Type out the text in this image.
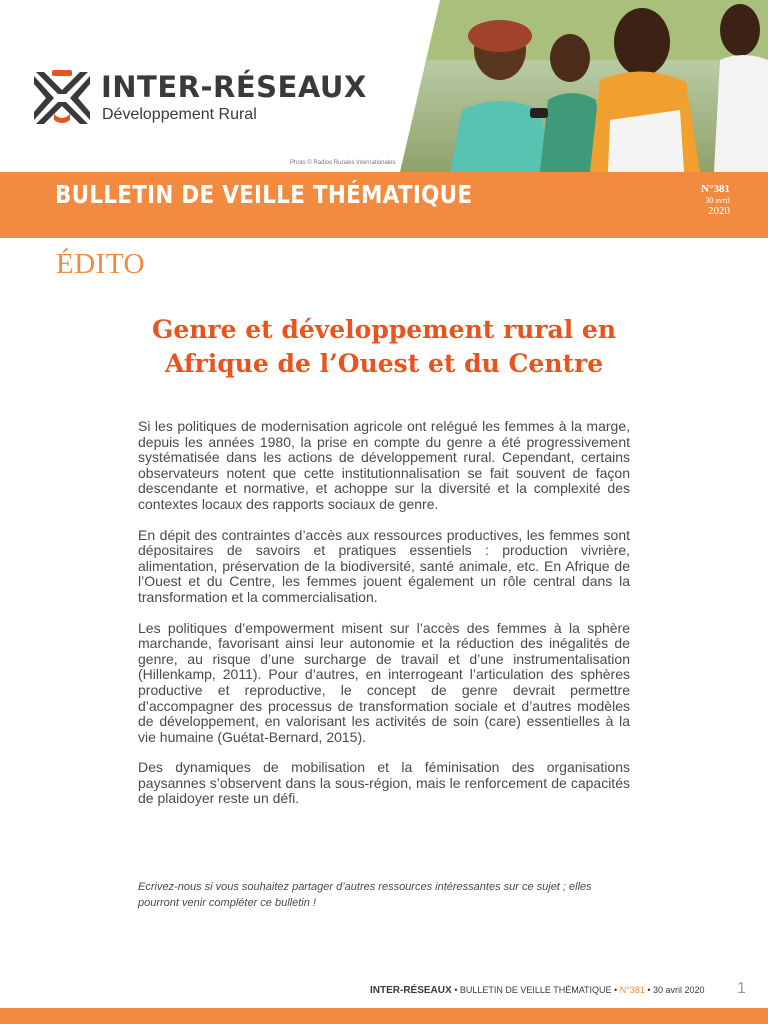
INTER-RÉSEAUX
Développement Rural
Photo © Radios Rurales Internationales
BULLETIN DE VEILLE THÉMATIQUE	N°381
30 avril
2020
ÉDITO
Genre et développement rural en
Afrique de l’Ouest et du Centre

Si les politiques de modernisation agricole ont relégué les femmes à la marge, depuis les années 1980, la prise en compte du genre a été progressivement systématisée dans les actions de développement rural. Cependant, certains observateurs notent que cette institutionnalisation se fait souvent de façon descendante et normative, et achoppe sur la diversité et la complexité des contextes locaux des rapports sociaux de genre.

En dépit des contraintes d’accès aux ressources productives, les femmes sont dépositaires de savoirs et pratiques essentiels : production vivrière, alimentation, préservation de la biodiversité, santé animale, etc. En Afrique de l’Ouest et du Centre, les femmes jouent également un rôle central dans la transformation et la commercialisation.

Les politiques d’empowerment misent sur l’accès des femmes à la sphère marchande, favorisant ainsi leur autonomie et la réduction des inégalités de genre, au risque d’une surcharge de travail et d’une instrumentalisation (Hillenkamp, 2011). Pour d’autres, en interrogeant l’articulation des sphères productive et reproductive, le concept de genre devrait permettre d’accompagner des processus de transformation sociale et d’autres modèles de développement, en valorisant les activités de soin (care) essentielles à la vie humaine (Guétat-Bernard, 2015).

Des dynamiques de mobilisation et la féminisation des organisations paysannes s’observent dans la sous-région, mais le renforcement de capacités de plaidoyer reste un défi.

Ecrivez-nous si vous souhaitez partager d’autres ressources intéressantes sur ce sujet ; elles pourront venir compléter ce bulletin !
INTER-RÉSEAUX • BULLETIN DE VEILLE THÉMATIQUE • N°381 • 30 avril 2020 1
